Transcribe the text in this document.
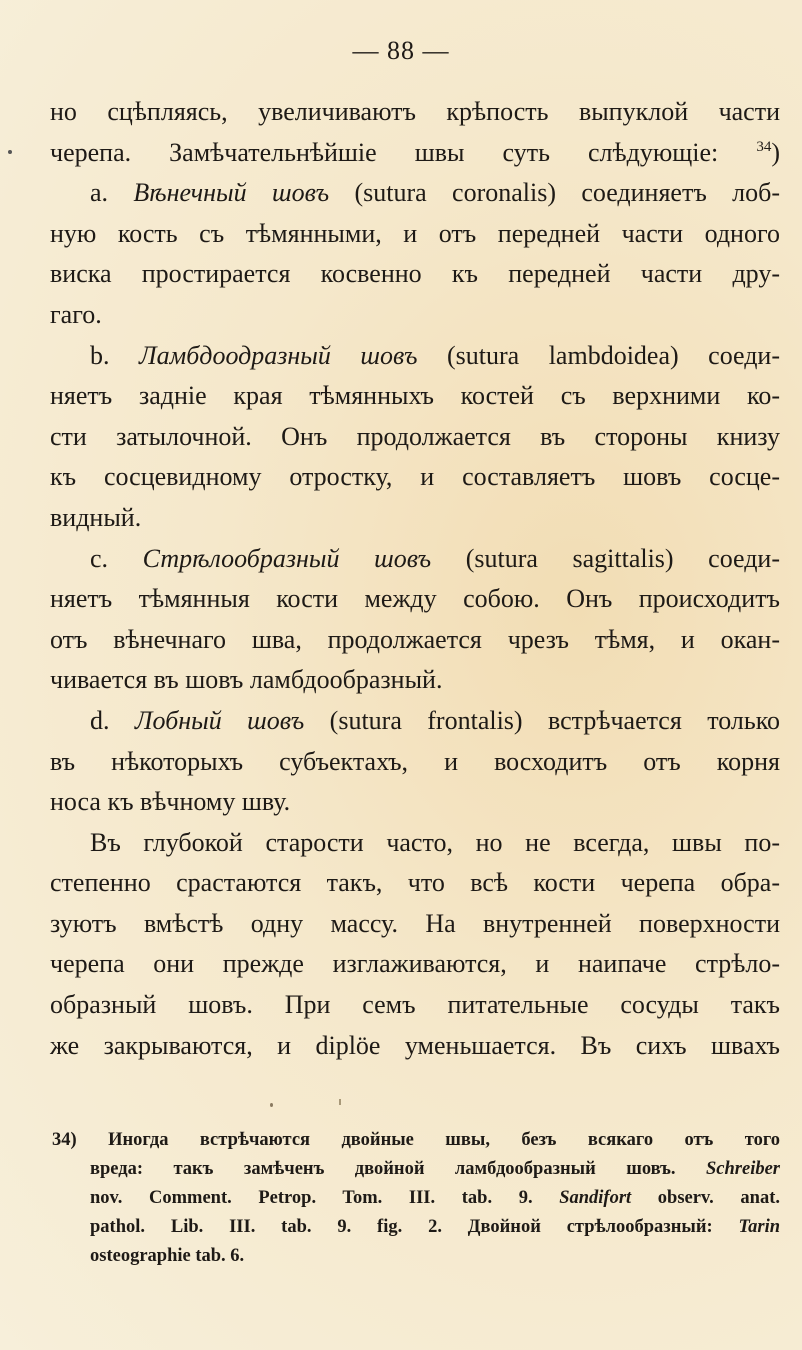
— 88 —
но сцѣпляясь, увеличиваютъ крѣпость выпуклой части
черепа. Замѣчательнѣйшіе швы суть слѣдующіе:	$^{34}$)
a. Вѣнечный шовъ (sutura coronalis) соединяетъ лоб-
ную кость съ тѣмянными, и отъ передней части одного
виска простирается косвенно къ передней части дру-
гаго.
b. Ламбдоодразный шовъ (sutura lambdoidea) соеди-
няетъ задніе края тѣмянныхъ костей съ верхними ко-
сти затылочной. Онъ продолжается въ стороны книзу
къ сосцевидному отростку, и составляетъ шовъ сосце-
видный.
c. Стрѣлообразный шовъ (sutura sagittalis) соеди-
няетъ тѣмянныя кости между собою. Онъ происходитъ
отъ вѣнечнаго шва, продолжается чрезъ тѣмя, и окан-
чивается въ шовъ ламбдообразный.
d. Лобный шовъ (sutura frontalis) встрѣчается только
въ нѣкоторыхъ субъектахъ, и восходитъ отъ корня
носа къ вѣчному шву.
Въ глубокой старости часто, но не всегда, швы по-
степенно срастаются такъ, что всѣ кости черепа обра-
зуютъ вмѣстѣ одну массу. На внутренней поверхности
черепа они прежде изглаживаются, и наипаче стрѣло-
образный шовъ. При семъ питательные сосуды такъ
же закрываются, и diplöe уменьшается. Въ сихъ швахъ
34) Иногда встрѣчаются двойные швы, безъ всякаго отъ того
вреда: такъ замѣченъ двойной ламбдообразный шовъ. Schreiber
nov. Comment. Petrop. Tom. III. tab. 9. Sandifort observ. anat.
pathol. Lib. III. tab. 9. fig. 2. Двойной стрѣлообразный: Tarin
osteographie tab. 6.
